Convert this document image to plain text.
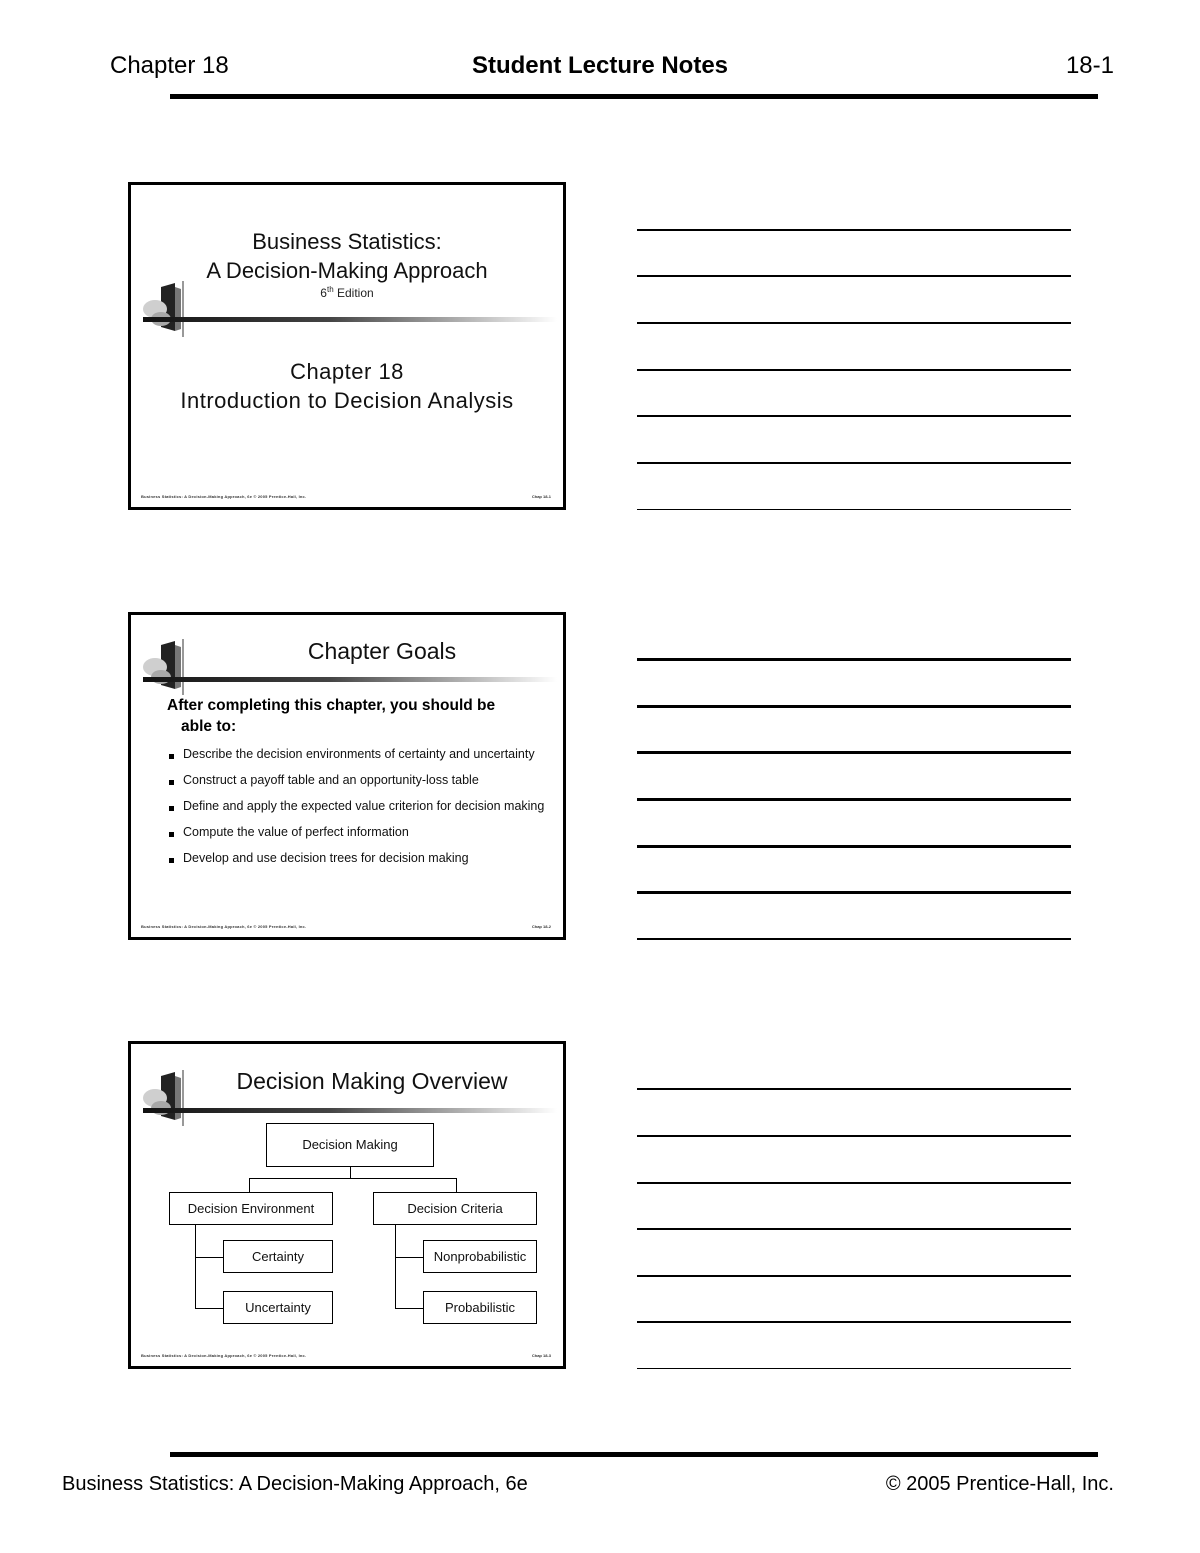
Chapter 18	Student Lecture Notes	18-1
Business Statistics:
A Decision-Making Approach
6th Edition
Chapter 18
Introduction to Decision Analysis
Business Statistics: A Decision-Making Approach, 6e © 2005 Prentice-Hall, Inc.	Chap 18-1
Chapter Goals
After completing this chapter, you should be
able to:
Describe the decision environments of certainty and uncertainty
Construct a payoff table and an opportunity-loss table
Define and apply the expected value criterion for decision making
Compute the value of perfect information
Develop and use decision trees for decision making
Business Statistics: A Decision-Making Approach, 6e © 2005 Prentice-Hall, Inc.	Chap 18-2
Decision Making Overview
Decision Making
Decision Environment	Decision Criteria
Certainty
Uncertainty
Nonprobabilistic
Probabilistic
Business Statistics: A Decision-Making Approach, 6e © 2005 Prentice-Hall, Inc.	Chap 18-3
Business Statistics: A Decision-Making Approach, 6e	© 2005 Prentice-Hall, Inc.
